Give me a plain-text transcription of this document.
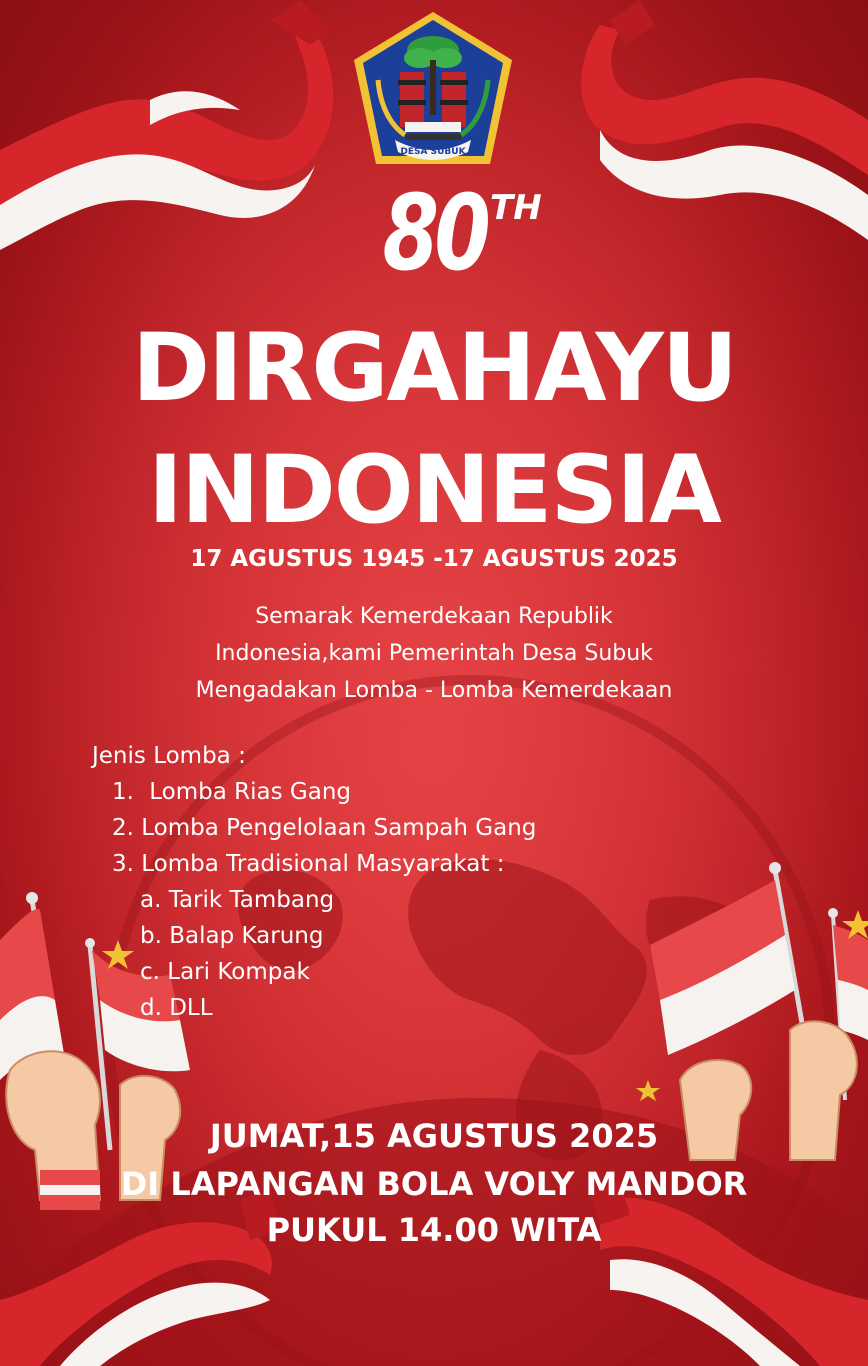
DESA SUBUK
80 TH
DIRGAHAYU
INDONESIA
17 AGUSTUS 1945 -17 AGUSTUS 2025
Semarak Kemerdekaan Republik
Indonesia,kami Pemerintah Desa Subuk
Mengadakan Lomba - Lomba Kemerdekaan
Jenis Lomba :
1. Lomba Rias Gang
2. Lomba Pengelolaan Sampah Gang
3. Lomba Tradisional Masyarakat :
a. Tarik Tambang
b. Balap Karung
c. Lari Kompak
d. DLL
JUMAT,15 AGUSTUS 2025
DI LAPANGAN BOLA VOLY MANDOR
PUKUL 14.00 WITA
